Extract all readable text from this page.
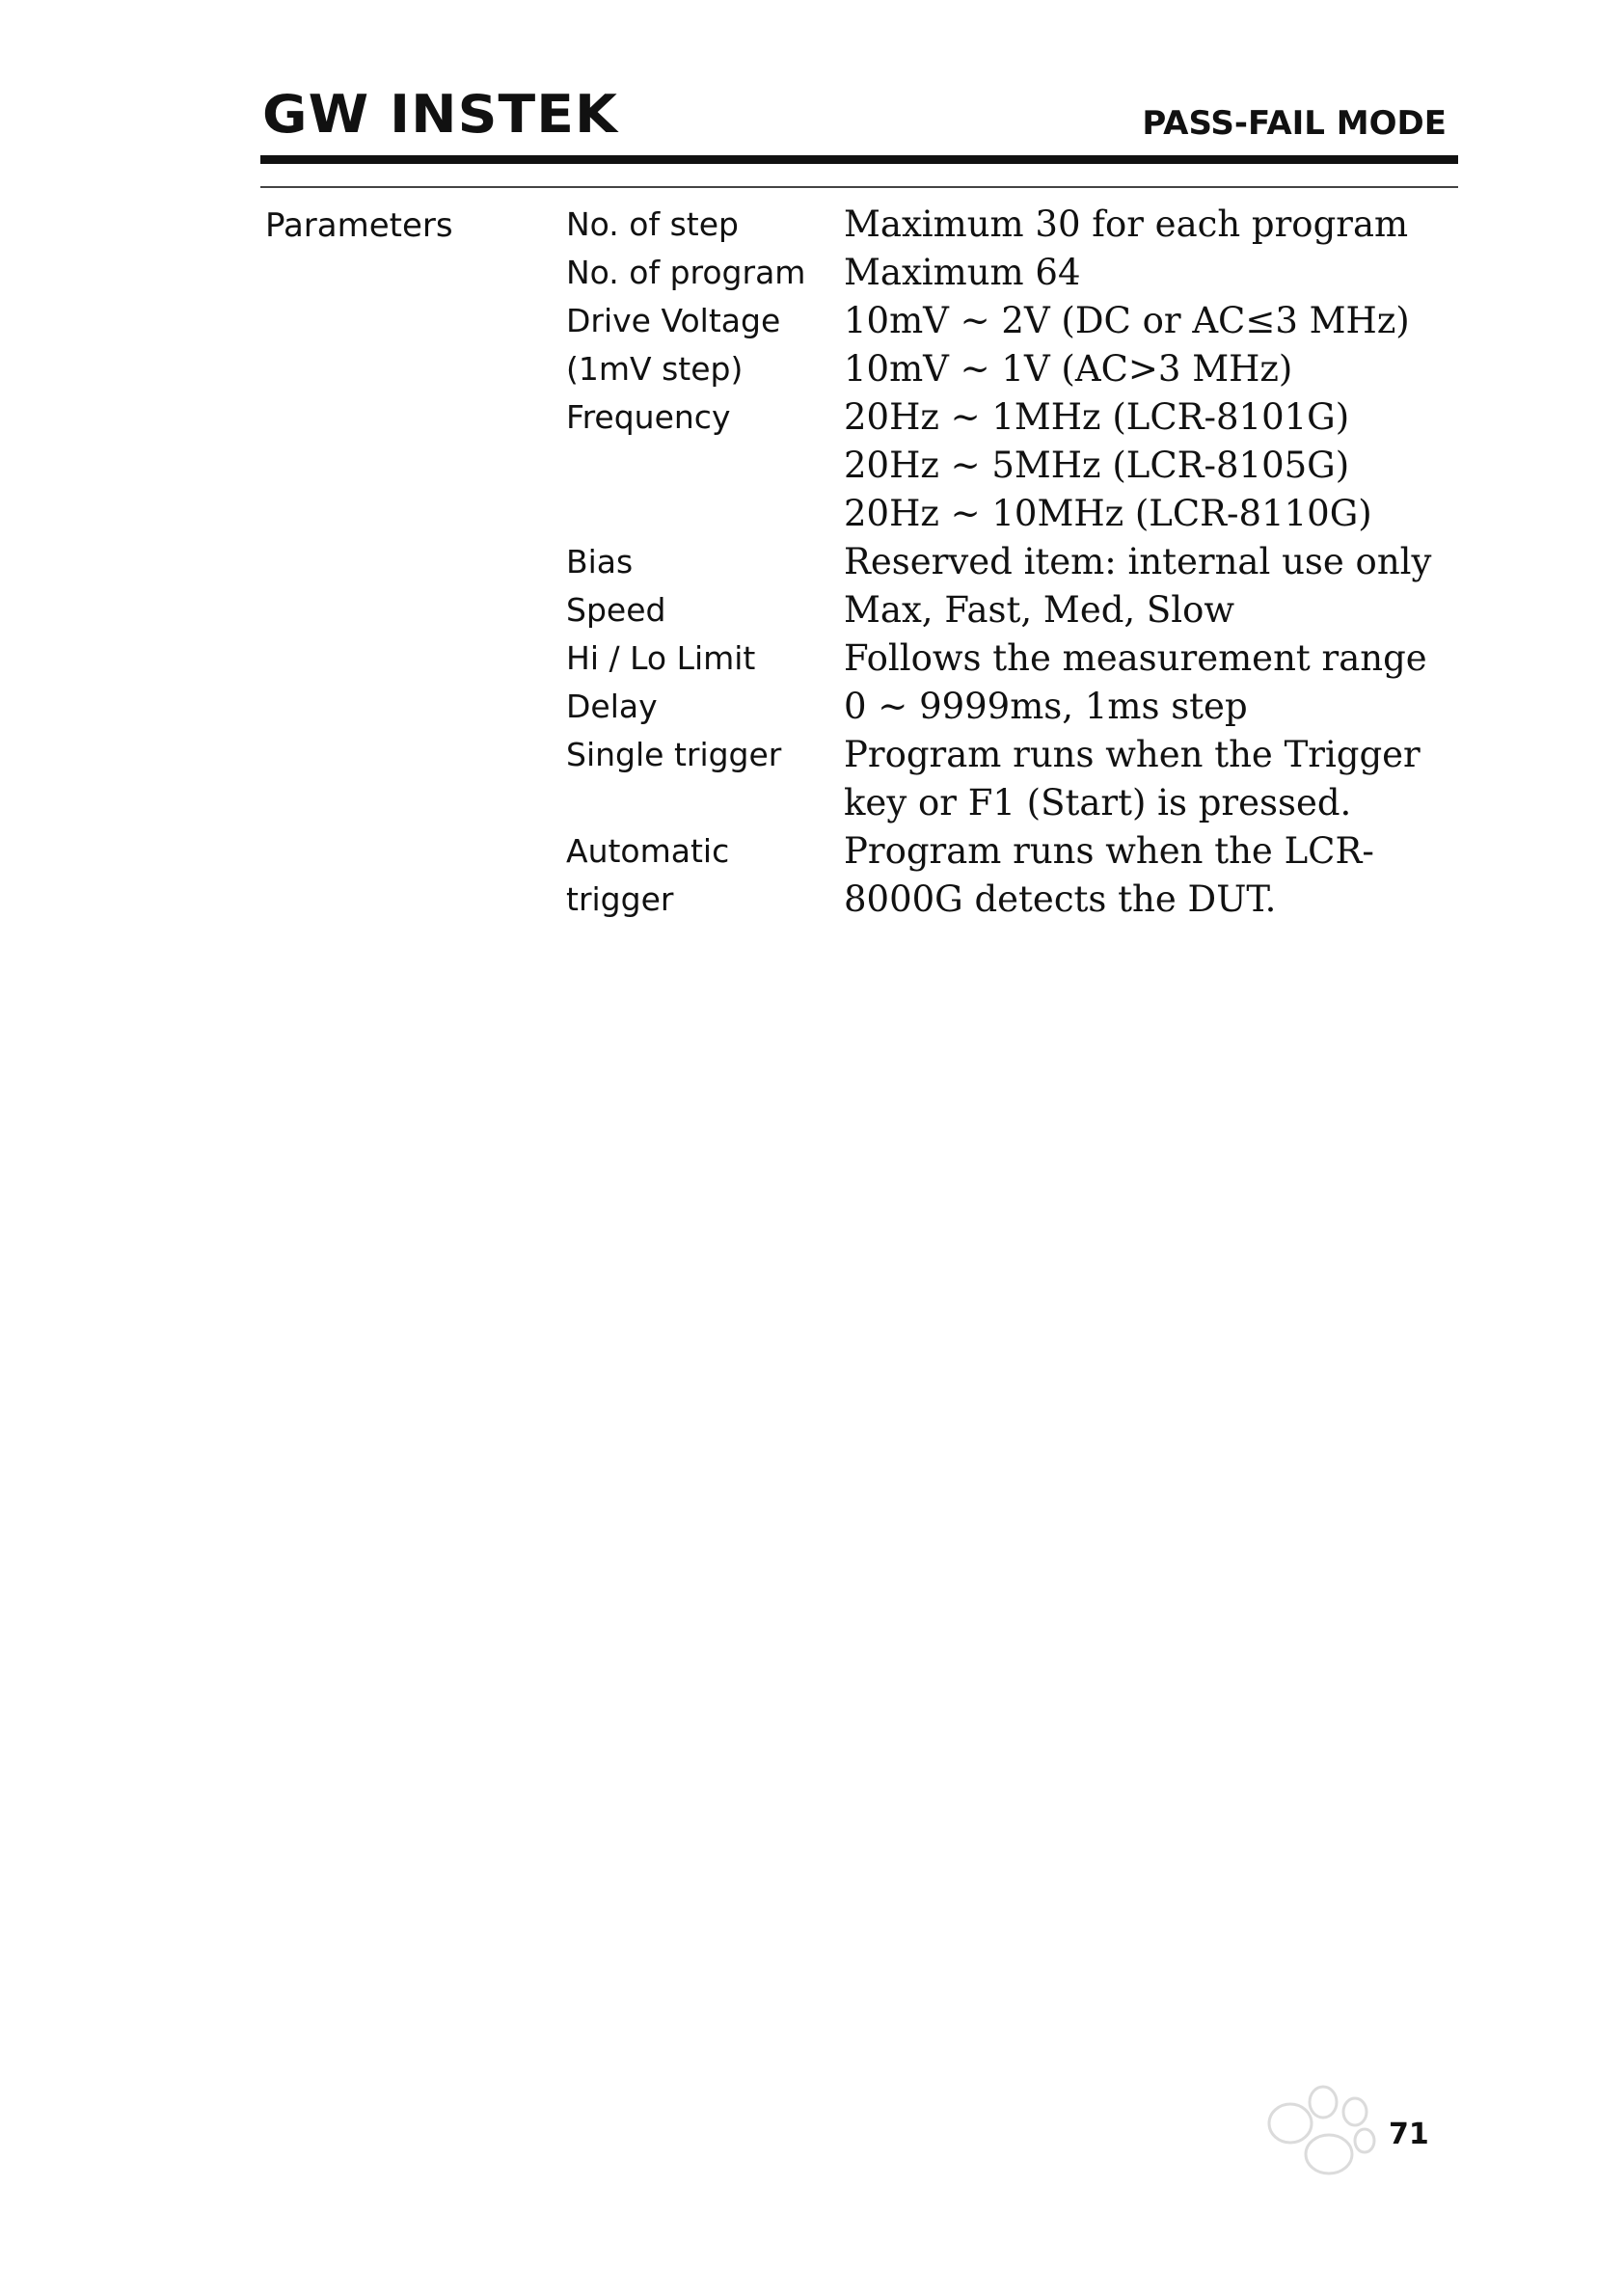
GW INSTEK	PASS-FAIL MODE
Parameters	No. of step	Maximum 30 for each program

No. of program	Maximum 64

Drive Voltage
(1mV step)	10mV ~ 2V (DC or AC≤3 MHz)
10mV ~ 1V (AC>3 MHz)

Frequency	20Hz ~ 1MHz (LCR-8101G)
20Hz ~ 5MHz (LCR-8105G)
20Hz ~ 10MHz (LCR-8110G)

Bias	Reserved item: internal use only

Speed	Max, Fast, Med, Slow

Hi / Lo Limit	Follows the measurement range

Delay	0 ~ 9999ms, 1ms step

Single trigger	Program runs when the Trigger
key or F1 (Start) is pressed.

Automatic
trigger	Program runs when the LCR-
8000G detects the DUT.
71
